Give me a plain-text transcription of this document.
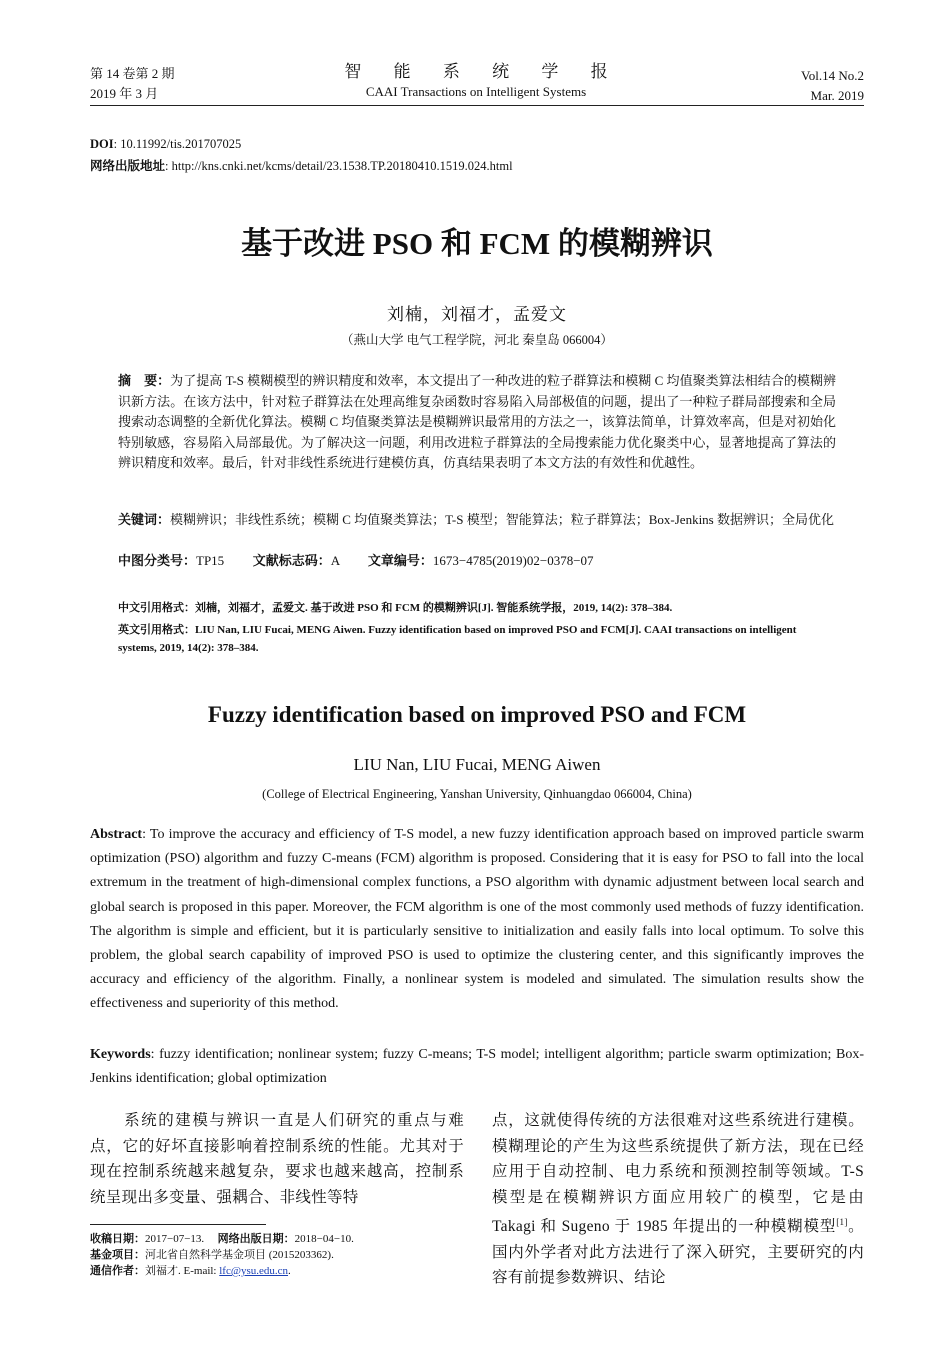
第 14 卷第 2 期
2019 年 3 月
智 能 系 统 学 报
CAAI Transactions on Intelligent Systems
Vol.14 No.2
Mar. 2019
DOI: 10.11992/tis.201707025
网络出版地址: http://kns.cnki.net/kcms/detail/23.1538.TP.20180410.1519.024.html
基于改进 PSO 和 FCM 的模糊辨识
刘楠，刘福才，孟爱文
（燕山大学 电气工程学院，河北 秦皇岛 066004）
摘　要：为了提高 T-S 模糊模型的辨识精度和效率，本文提出了一种改进的粒子群算法和模糊 C 均值聚类算法相结合的模糊辨识新方法。在该方法中，针对粒子群算法在处理高维复杂函数时容易陷入局部极值的问题，提出了一种粒子群局部搜索和全局搜索动态调整的全新优化算法。模糊 C 均值聚类算法是模糊辨识最常用的方法之一，该算法简单，计算效率高，但是对初始化特别敏感，容易陷入局部最优。为了解决这一问题，利用改进粒子群算法的全局搜索能力优化聚类中心，显著地提高了算法的辨识精度和效率。最后，针对非线性系统进行建模仿真，仿真结果表明了本文方法的有效性和优越性。
关键词：模糊辨识；非线性系统；模糊 C 均值聚类算法；T-S 模型；智能算法；粒子群算法；Box-Jenkins 数据辨识；全局优化
中图分类号：TP15 文献标志码：A 文章编号：1673−4785(2019)02−0378−07
中文引用格式：刘楠，刘福才，孟爱文. 基于改进 PSO 和 FCM 的模糊辨识[J]. 智能系统学报，2019, 14(2): 378–384.
英文引用格式：LIU Nan, LIU Fucai, MENG Aiwen. Fuzzy identification based on improved PSO and FCM[J]. CAAI transactions on intelligent systems, 2019, 14(2): 378–384.
Fuzzy identification based on improved PSO and FCM
LIU Nan, LIU Fucai, MENG Aiwen
(College of Electrical Engineering, Yanshan University, Qinhuangdao 066004, China)
Abstract: To improve the accuracy and efficiency of T-S model, a new fuzzy identification approach based on improved particle swarm optimization (PSO) algorithm and fuzzy C-means (FCM) algorithm is proposed. Considering that it is easy for PSO to fall into the local extremum in the treatment of high-dimensional complex functions, a PSO algorithm with dynamic adjustment between local search and global search is proposed in this paper. Moreover, the FCM algorithm is one of the most commonly used methods of fuzzy identification. The algorithm is simple and efficient, but it is particularly sensitive to initialization and easily falls into local optimum. To solve this problem, the global search capability of improved PSO is used to optimize the clustering center, and this significantly improves the accuracy and efficiency of the algorithm. Finally, a nonlinear system is modeled and simulated. The simulation results show the effectiveness and superiority of this method.
Keywords: fuzzy identification; nonlinear system; fuzzy C-means; T-S model; intelligent algorithm; particle swarm optimization; Box-Jenkins identification; global optimization
　　系统的建模与辨识一直是人们研究的重点与难点，它的好坏直接影响着控制系统的性能。尤其对于现在控制系统越来越复杂，要求也越来越高，控制系统呈现出多变量、强耦合、非线性等特
点，这就使得传统的方法很难对这些系统进行建模。模糊理论的产生为这些系统提供了新方法，现在已经应用于自动控制、电力系统和预测控制等领域。T-S 模型是在模糊辨识方面应用较广的模型，它是由 Takagi 和 Sugeno 于 1985 年提出的一种模糊模型[1]。国内外学者对此方法进行了深入研究，主要研究的内容有前提参数辨识、结论
收稿日期：2017−07−13. 网络出版日期：2018−04−10.
基金项目：河北省自然科学基金项目 (2015203362).
通信作者：刘福才. E-mail: lfc@ysu.edu.cn.
